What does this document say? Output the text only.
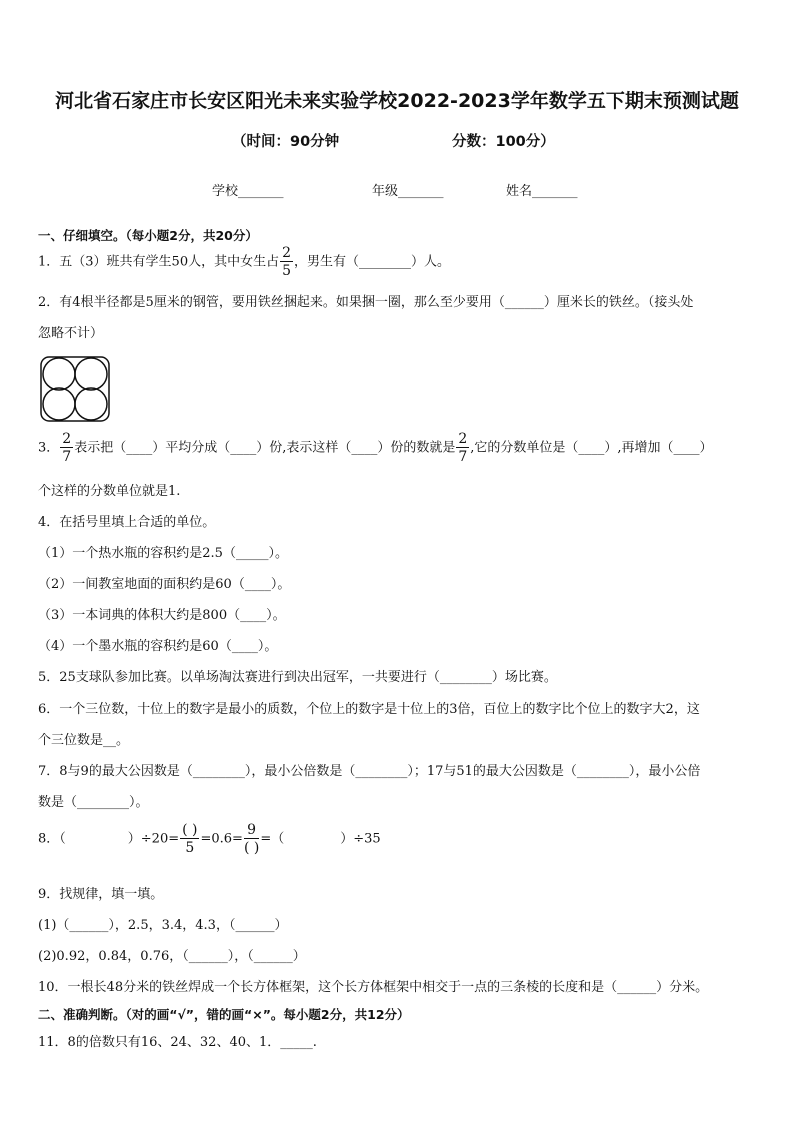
河北省石家庄市长安区阳光未来实验学校2022-2023学年数学五下期末预测试题
（时间：90分钟	分数：100分）
学校_______	年级_______	姓名_______
一、仔细填空。（每小题2分，共20分）
1．五（3）班共有学生50人，其中女生占 $\frac{2}{5}$ ，男生有（________）人。
2．有4根半径都是5厘米的钢管，要用铁丝捆起来。如果捆一圈，那么至少要用（______）厘米长的铁丝。（接头处
忽略不计）
3． $\frac{2}{7}$ 表示把（____）平均分成（____）份,表示这样（____）份的数就是 $\frac{2}{7}$ ,它的分数单位是（____）,再增加（____）
个这样的分数单位就是1.
4．在括号里填上合适的单位。
（1）一个热水瓶的容积约是2.5（_____）。
（2）一间教室地面的面积约是60（____）。
（3）一本词典的体积大约是800（____）。
（4）一个墨水瓶的容积约是60（____）。
5．25支球队参加比赛。以单场淘汰赛进行到决出冠军，一共要进行（________）场比赛。
6．一个三位数，十位上的数字是最小的质数，个位上的数字是十位上的3倍，百位上的数字比个位上的数字大2，这
个三位数是__。
7．8与9的最大公因数是（________），最小公倍数是（________）；17与51的最大公因数是（________），最小公倍
数是（________）。
8．（	）$\div 20= \frac{( )}{5} =0.6= \frac{9}{( )}$ =（	）÷35
9．找规律，填一填。
(1)（______），2.5，3.4，4.3，（______）
(2)0.92，0.84，0.76，（______），（______）
10．一根长48分米的铁丝焊成一个长方体框架，这个长方体框架中相交于一点的三条棱的长度和是（______）分米。
二、准确判断。（对的画“√”，错的画“×”。每小题2分，共12分）
11．8的倍数只有16、24、32、40、1．_____.
